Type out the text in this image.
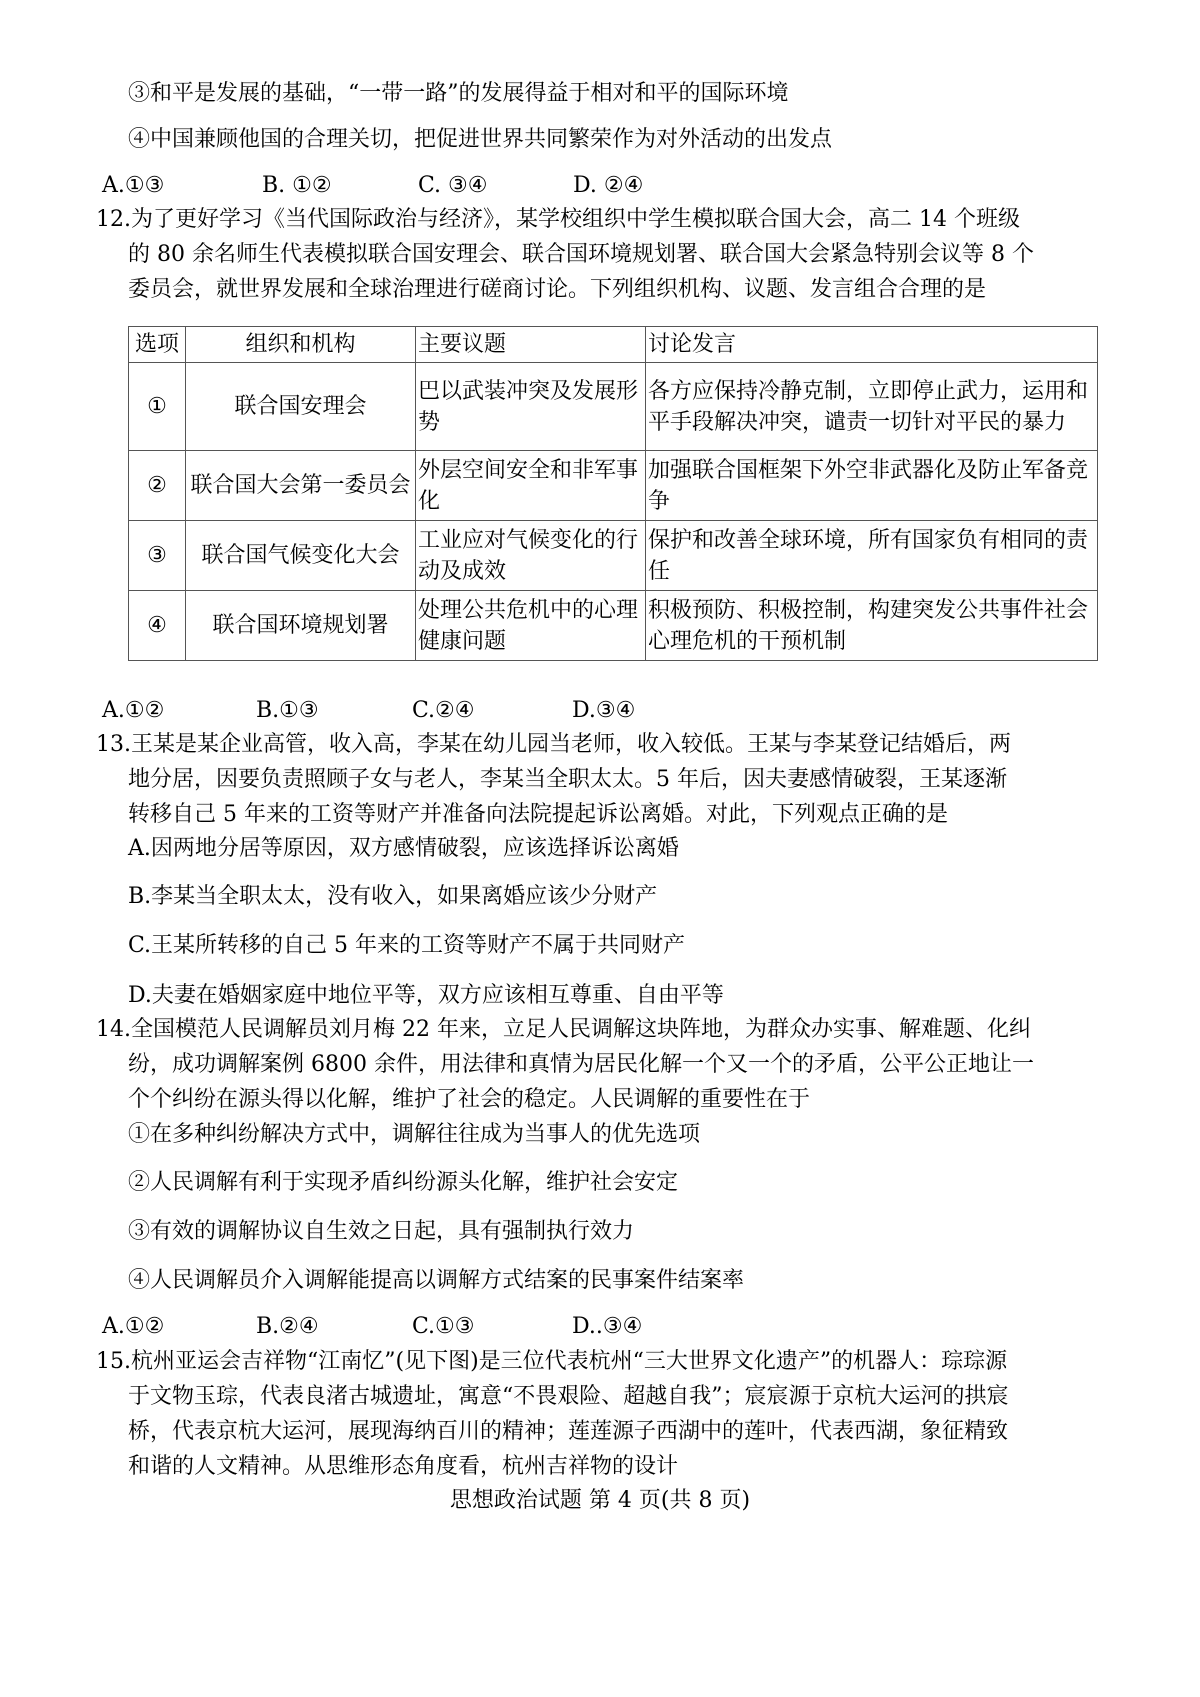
③和平是发展的基础，“一带一路”的发展得益于相对和平的国际环境
④中国兼顾他国的合理关切，把促进世界共同繁荣作为对外活动的出发点
A.①③	B. ①②	C. ③④	D. ②④
12.为了更好学习《当代国际政治与经济》，某学校组织中学生模拟联合国大会，高二 14 个班级
的 80 余名师生代表模拟联合国安理会、联合国环境规划署、联合国大会紧急特别会议等 8 个
委员会，就世界发展和全球治理进行磋商讨论。下列组织机构、议题、发言组合合理的是
选项	组织和机构	主要议题	讨论发言
①	联合国安理会	巴以武装冲突及发展形势	各方应保持冷静克制，立即停止武力，运用和平手段解决冲突，谴责一切针对平民的暴力
②	联合国大会第一委员会	外层空间安全和非军事化	加强联合国框架下外空非武器化及防止军备竞争
③	联合国气候变化大会	工业应对气候变化的行动及成效	保护和改善全球环境，所有国家负有相同的责任
④	联合国环境规划署	处理公共危机中的心理健康问题	积极预防、积极控制，构建突发公共事件社会心理危机的干预机制
A.①②	B.①③	C.②④	D.③④
13.王某是某企业高管，收入高，李某在幼儿园当老师，收入较低。王某与李某登记结婚后，两
地分居，因要负责照顾子女与老人，李某当全职太太。5 年后，因夫妻感情破裂，王某逐渐
转移自己 5 年来的工资等财产并准备向法院提起诉讼离婚。对此，下列观点正确的是
A.因两地分居等原因，双方感情破裂，应该选择诉讼离婚
B.李某当全职太太，没有收入，如果离婚应该少分财产
C.王某所转移的自己 5 年来的工资等财产不属于共同财产
D.夫妻在婚姻家庭中地位平等，双方应该相互尊重、自由平等
14.全国模范人民调解员刘月梅 22 年来，立足人民调解这块阵地，为群众办实事、解难题、化纠
纷，成功调解案例 6800 余件，用法律和真情为居民化解一个又一个的矛盾，公平公正地让一
个个纠纷在源头得以化解，维护了社会的稳定。人民调解的重要性在于
①在多种纠纷解决方式中，调解往往成为当事人的优先选项
②人民调解有利于实现矛盾纠纷源头化解，维护社会安定
③有效的调解协议自生效之日起，具有强制执行效力
④人民调解员介入调解能提高以调解方式结案的民事案件结案率
A.①②	B.②④	C.①③	D..③④
15.杭州亚运会吉祥物“江南忆”(见下图)是三位代表杭州“三大世界文化遗产”的机器人：琮琮源
于文物玉琮，代表良渚古城遗址，寓意“不畏艰险、超越自我”；宸宸源于京杭大运河的拱宸
桥，代表京杭大运河，展现海纳百川的精神；莲莲源子西湖中的莲叶，代表西湖，象征精致
和谐的人文精神。从思维形态角度看，杭州吉祥物的设计
思想政治试题 第 4 页(共 8 页)
